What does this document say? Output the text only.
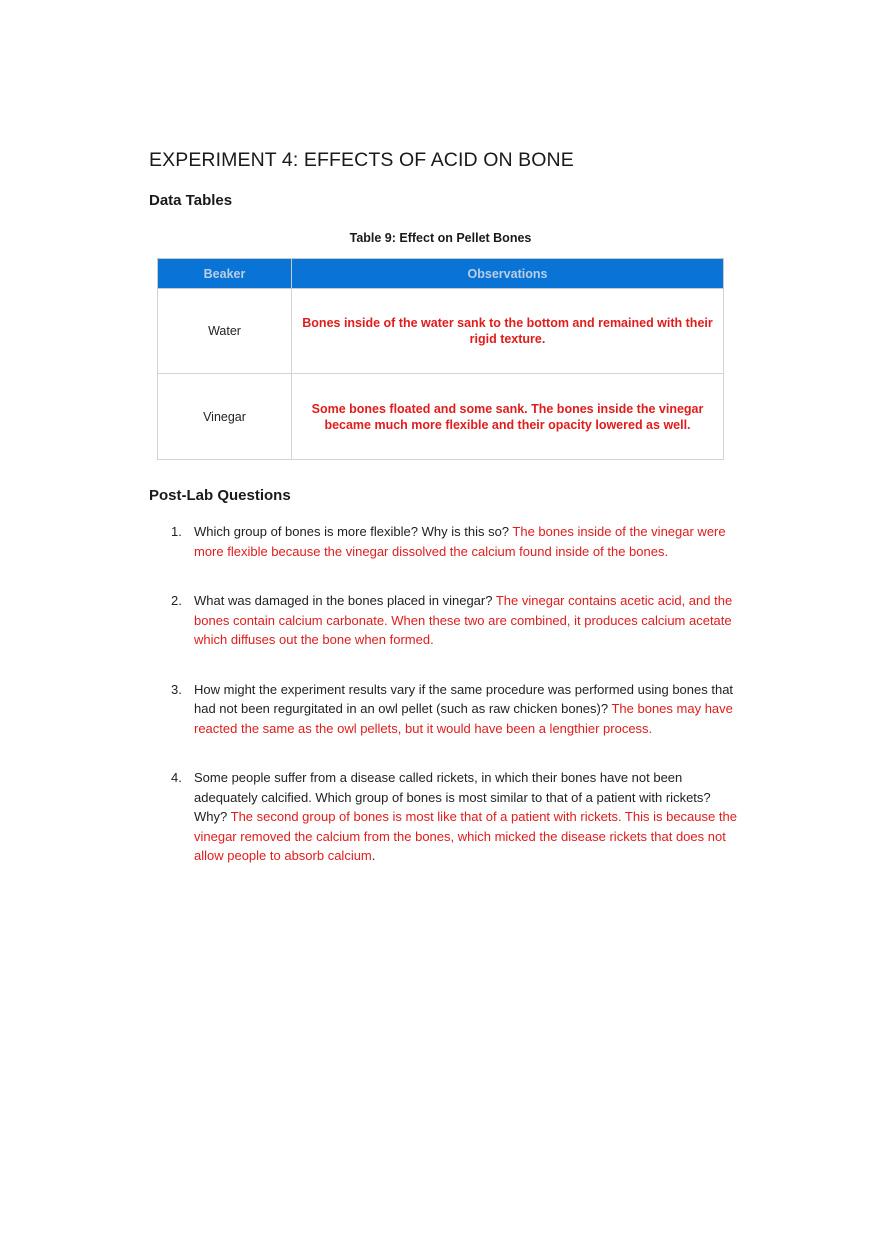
EXPERIMENT 4: EFFECTS OF ACID ON BONE
Data Tables
Table 9: Effect on Pellet Bones
Beaker	Observations
Water	Bones inside of the water sank to the bottom and remained with their rigid texture.
Vinegar	Some bones floated and some sank. The bones inside the vinegar became much more flexible and their opacity lowered as well.
Post-Lab Questions
1. Which group of bones is more flexible? Why is this so? The bones inside of the vinegar were more flexible because the vinegar dissolved the calcium found inside of the bones.
2. What was damaged in the bones placed in vinegar? The vinegar contains acetic acid, and the bones contain calcium carbonate. When these two are combined, it produces calcium acetate which diffuses out the bone when formed.
3. How might the experiment results vary if the same procedure was performed using bones that had not been regurgitated in an owl pellet (such as raw chicken bones)? The bones may have reacted the same as the owl pellets, but it would have been a lengthier process.
4. Some people suffer from a disease called rickets, in which their bones have not been adequately calcified. Which group of bones is most similar to that of a patient with rickets? Why? The second group of bones is most like that of a patient with rickets. This is because the vinegar removed the calcium from the bones, which micked the disease rickets that does not allow people to absorb calcium.
